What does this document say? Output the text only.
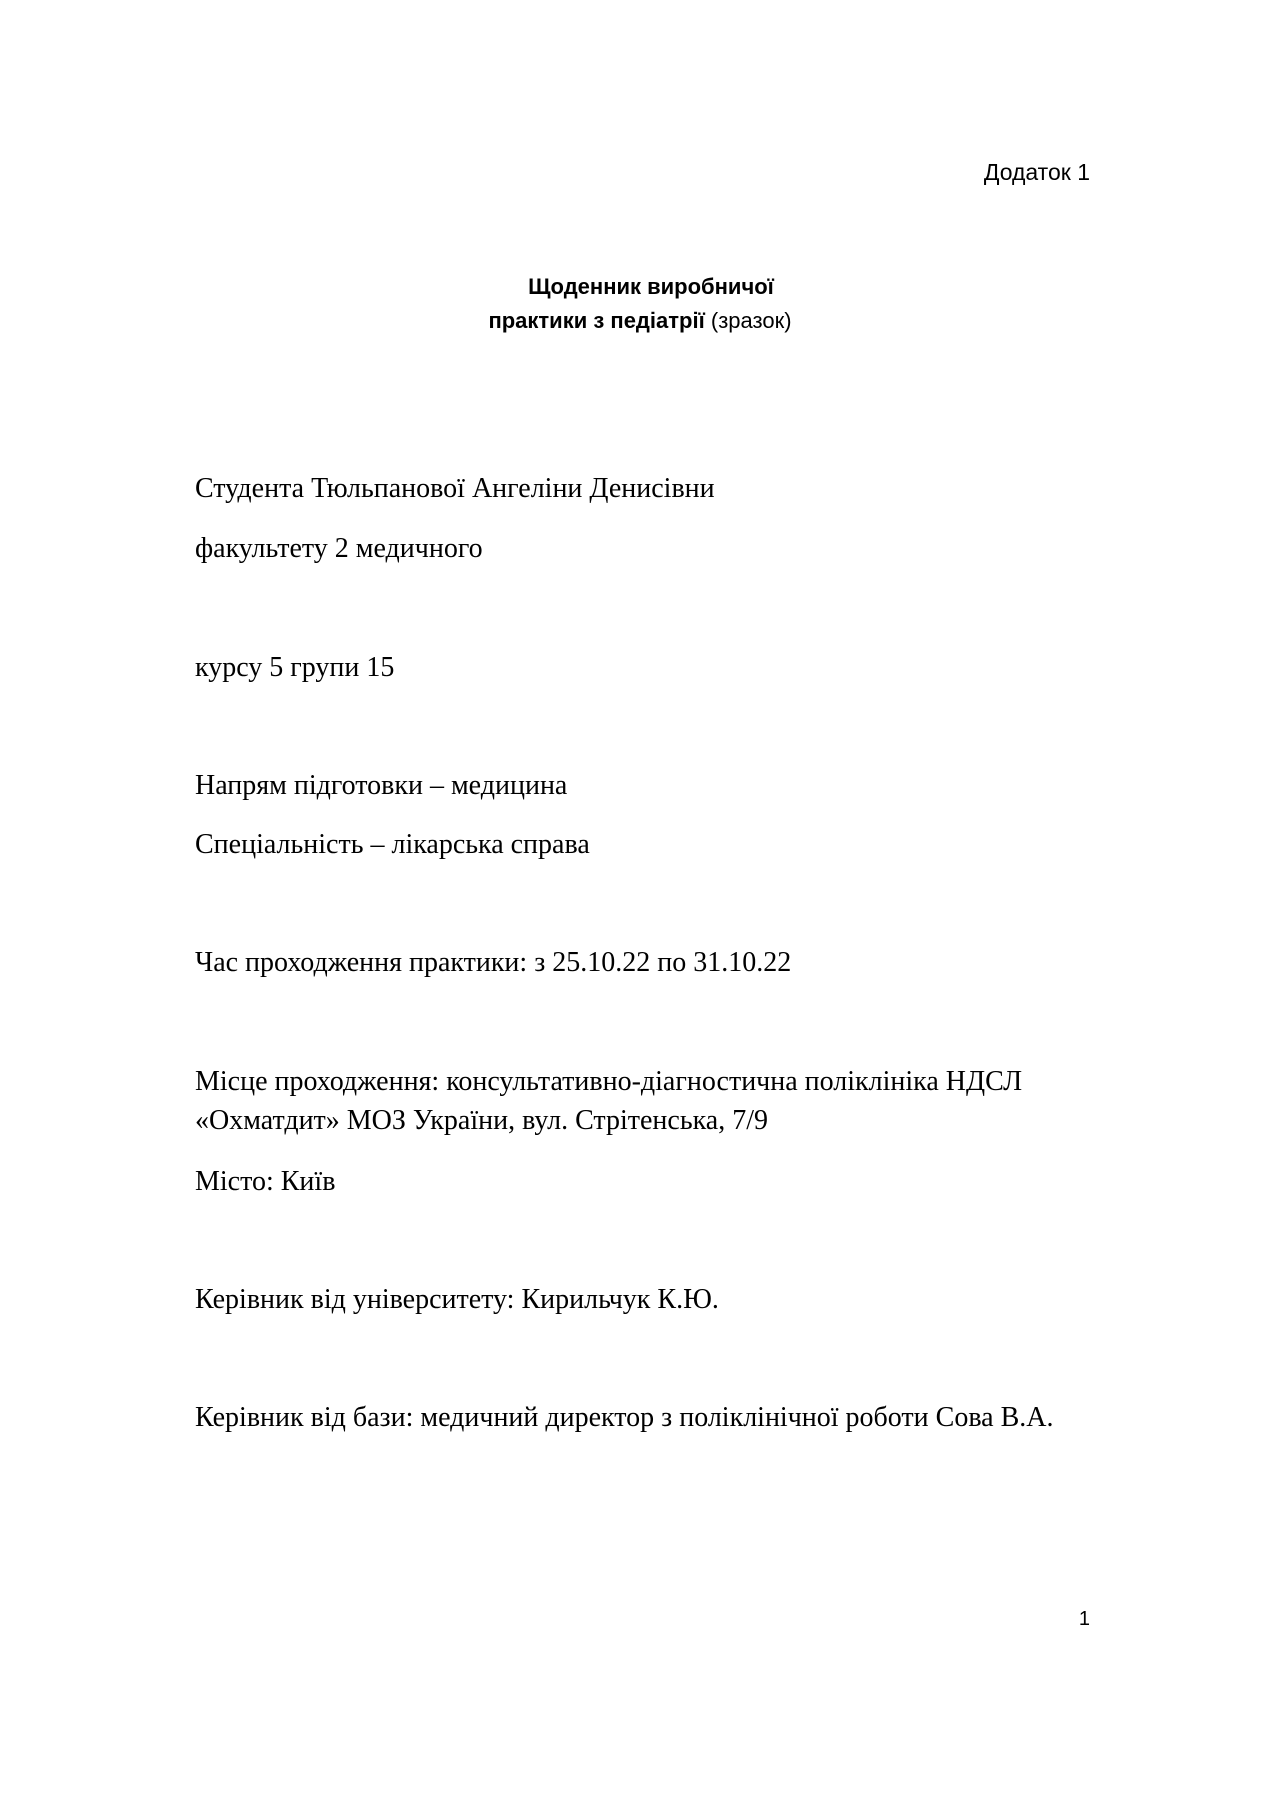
Додаток 1
Щоденник виробничої
практики з педіатрії (зразок)
Студента Тюльпанової Ангеліни Денисівни
факультету 2 медичного
курсу 5 групи 15
Напрям підготовки – медицина
Спеціальність – лікарська справа
Час проходження практики: з 25.10.22 по 31.10.22
Місце проходження: консультативно-діагностична поліклініка НДСЛ «Охматдит» МОЗ України, вул. Стрітенська, 7/9
Місто: Київ
Керівник від університету: Кирильчук К.Ю.
Керівник від бази: медичний директор з поліклінічної роботи Сова В.А.
1
